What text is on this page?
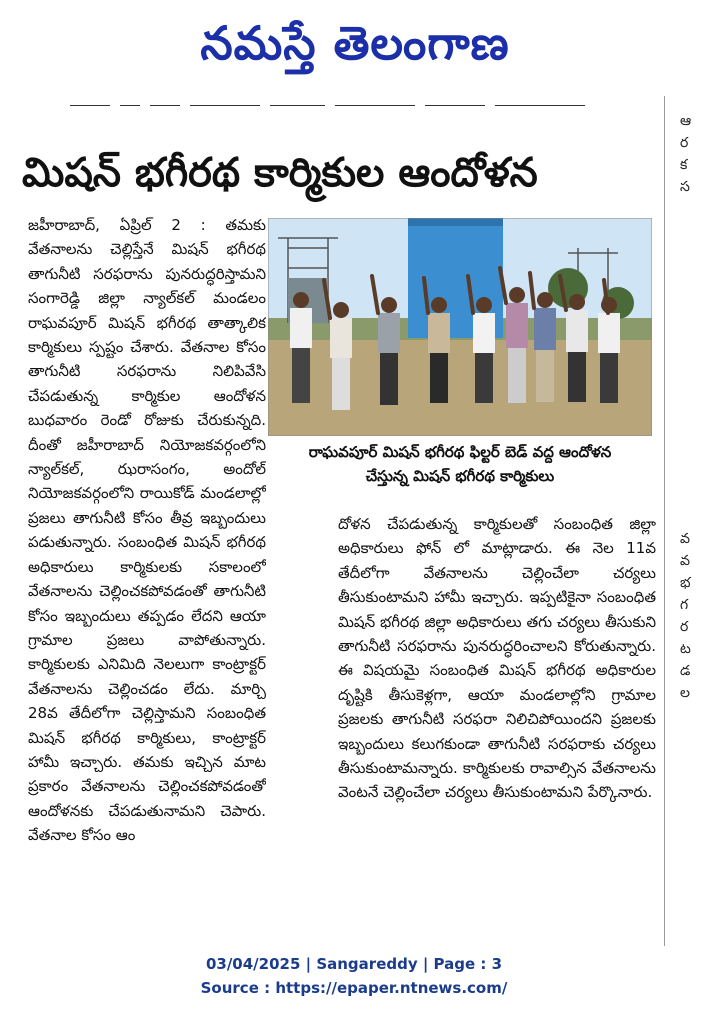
నమస్తే తెలంగాణ
ఆ
ర
క
స
వ
వ
భ
గ
ర
ట
డ
ల
మిషన్ భగీరథ కార్మికుల ఆందోళన

జహీరాబాద్, ఏప్రిల్ 2 : తమకు వేతనాలను చెల్లిస్తేనే మిషన్ భగీరథ తాగునీటి సరఫరాను పునరుద్ధరిస్తామని సంగారెడ్డి జిల్లా న్యాల్‌కల్ మండలం రాఘవపూర్ మిషన్ భగీరథ తాత్కాలిక కార్మికులు స్పష్టం చేశారు. వేతనాల కోసం తాగునీటి సరఫరాను నిలిపివేసి చేపడుతున్న కార్మికుల ఆందోళన బుధవారం రెండో రోజుకు చేరుకున్నది. దీంతో జహీరాబాద్ నియోజకవర్గంలోని న్యాల్‌కల్, ఝరాసంగం, అందోల్ నియోజకవర్గంలోని రాయికోడ్ మండలాల్లో ప్రజలు తాగునీటి కోసం తీవ్ర ఇబ్బందులు పడుతున్నారు. సంబంధిత మిషన్ భగీరథ అధికారులు కార్మికులకు సకాలంలో వేతనాలను చెల్లించకపోవడంతో తాగునీటి కోసం ఇబ్బందులు తప్పడం లేదని ఆయా గ్రామాల ప్రజలు వాపోతున్నారు. కార్మికులకు ఎనిమిది నెలలుగా కాంట్రాక్టర్ వేతనాలను చెల్లించడం లేదు. మార్చి 28వ తేదీలోగా చెల్లిస్తామని సంబంధిత మిషన్ భగీరథ కార్మికులు, కాంట్రాక్టర్ హామీ ఇచ్చారు. తమకు ఇచ్చిన మాట ప్రకారం వేతనాలను చెల్లించకపోవడంతో ఆందోళనకు చేపడుతునామని చెపారు. వేతనాల కోసం ఆం

రాఘవపూర్ మిషన్ భగీరథ ఫిల్టర్ బెడ్ వద్ద ఆందోళన
చేస్తున్న మిషన్ భగీరథ కార్మికులు

దోళన చేపడుతున్న కార్మికులతో సంబంధిత జిల్లా అధికారులు ఫోన్ లో మాట్లాడారు. ఈ నెల 11వ తేదీలోగా వేతనాలను చెల్లించేలా చర్యలు తీసుకుంటామని హామీ ఇచ్చారు. ఇప్పటికైనా సంబంధిత మిషన్ భగీరథ జిల్లా అధికారులు తగు చర్యలు తీసుకుని తాగునీటి సరఫరాను పునరుద్ధరించాలని కోరుతున్నారు. ఈ విషయమై సంబంధిత మిషన్ భగీరథ అధికారుల దృష్టికి తీసుకెళ్లగా, ఆయా మండలాల్లోని గ్రామాల ప్రజలకు తాగునీటి సరఫరా నిలిచిపోయిందని ప్రజలకు ఇబ్బందులు కలుగకుండా తాగునీటి సరఫరాకు చర్యలు తీసుకుంటామన్నారు. కార్మికులకు రావాల్సిన వేతనాలను వెంటనే చెల్లించేలా చర్యలు తీసుకుంటామని పేర్కొనారు.

03/04/2025 | Sangareddy | Page : 3
Source : https://epaper.ntnews.com/
